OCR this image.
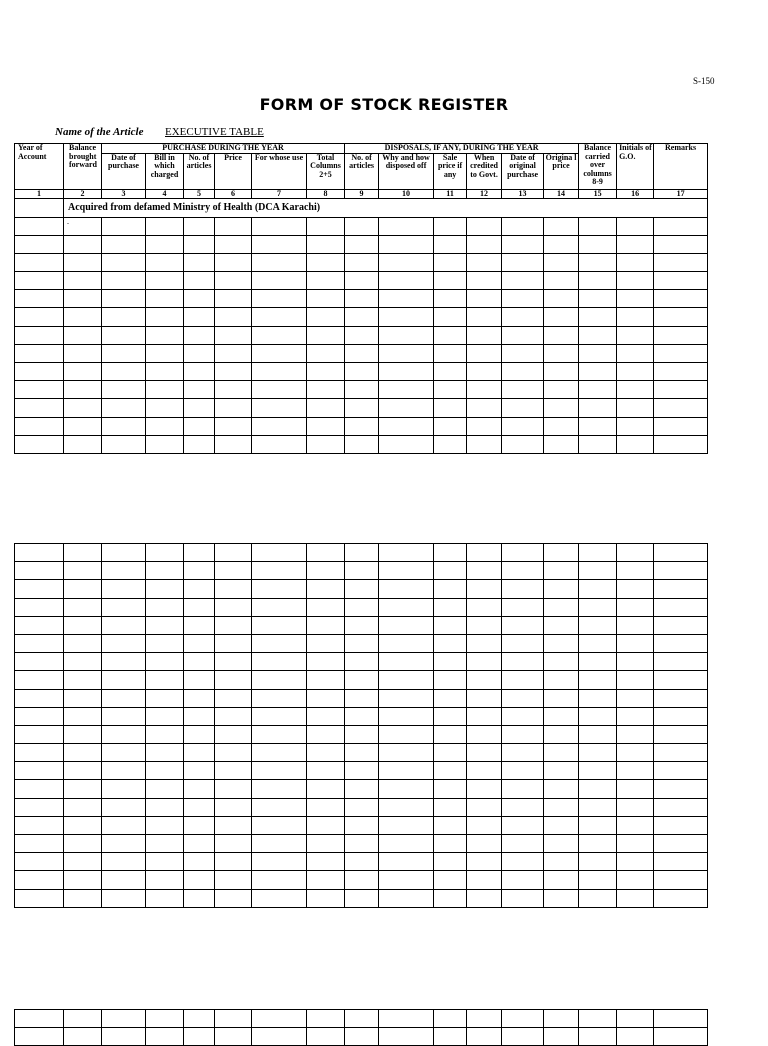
S-150
FORM OF STOCK REGISTER
Name of the Article EXECUTIVE TABLE
Year of Account	Balance brought forward	PURCHASE DURING THE YEAR						DISPOSALS, IF ANY, DURING THE YEAR						Balance carried over columns 8-9	Initials of G.O.	Remarks
		Date of purchase	Bill in which charged	No. of articles	Price	For whose use	Total Columns 2+5	No. of articles	Why and how disposed off	Sale price if any	When credited to Govt.	Date of original purchase	Origina l price			
1	2	3	4	5	6	7	8	9	10	11	12	13	14	15	16	17
	Acquired from defamed Ministry of Health (DCA Karachi)															

	.															
